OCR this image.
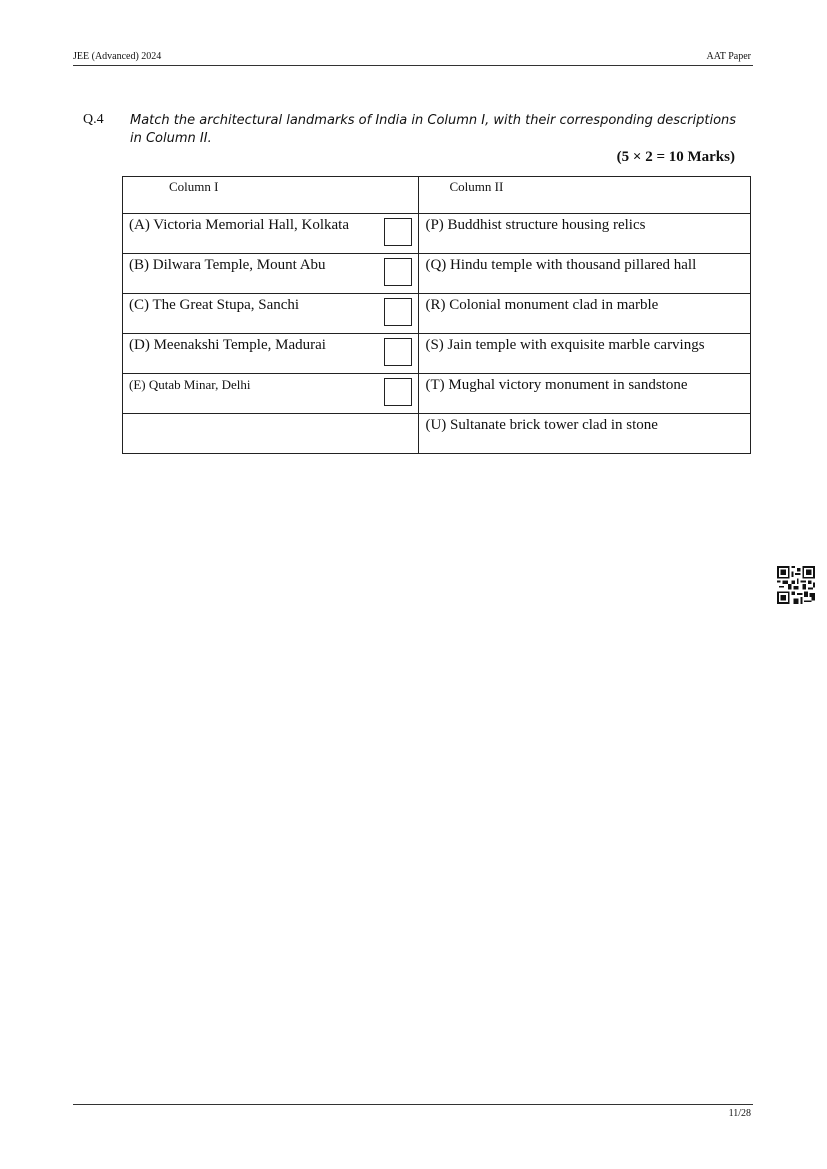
JEE (Advanced) 2024	AAT Paper
Q.4 Match the architectural landmarks of India in Column I, with their corresponding descriptions in Column II.
(5 × 2 = 10 Marks)
Column I	Column II
(A) Victoria Memorial Hall, Kolkata	(P) Buddhist structure housing relics
(B) Dilwara Temple, Mount Abu	(Q) Hindu temple with thousand pillared hall
(C) The Great Stupa, Sanchi	(R) Colonial monument clad in marble
(D) Meenakshi Temple, Madurai	(S) Jain temple with exquisite marble carvings
(E) Qutab Minar, Delhi	(T) Mughal victory monument in sandstone
	(U) Sultanate brick tower clad in stone
11/28
